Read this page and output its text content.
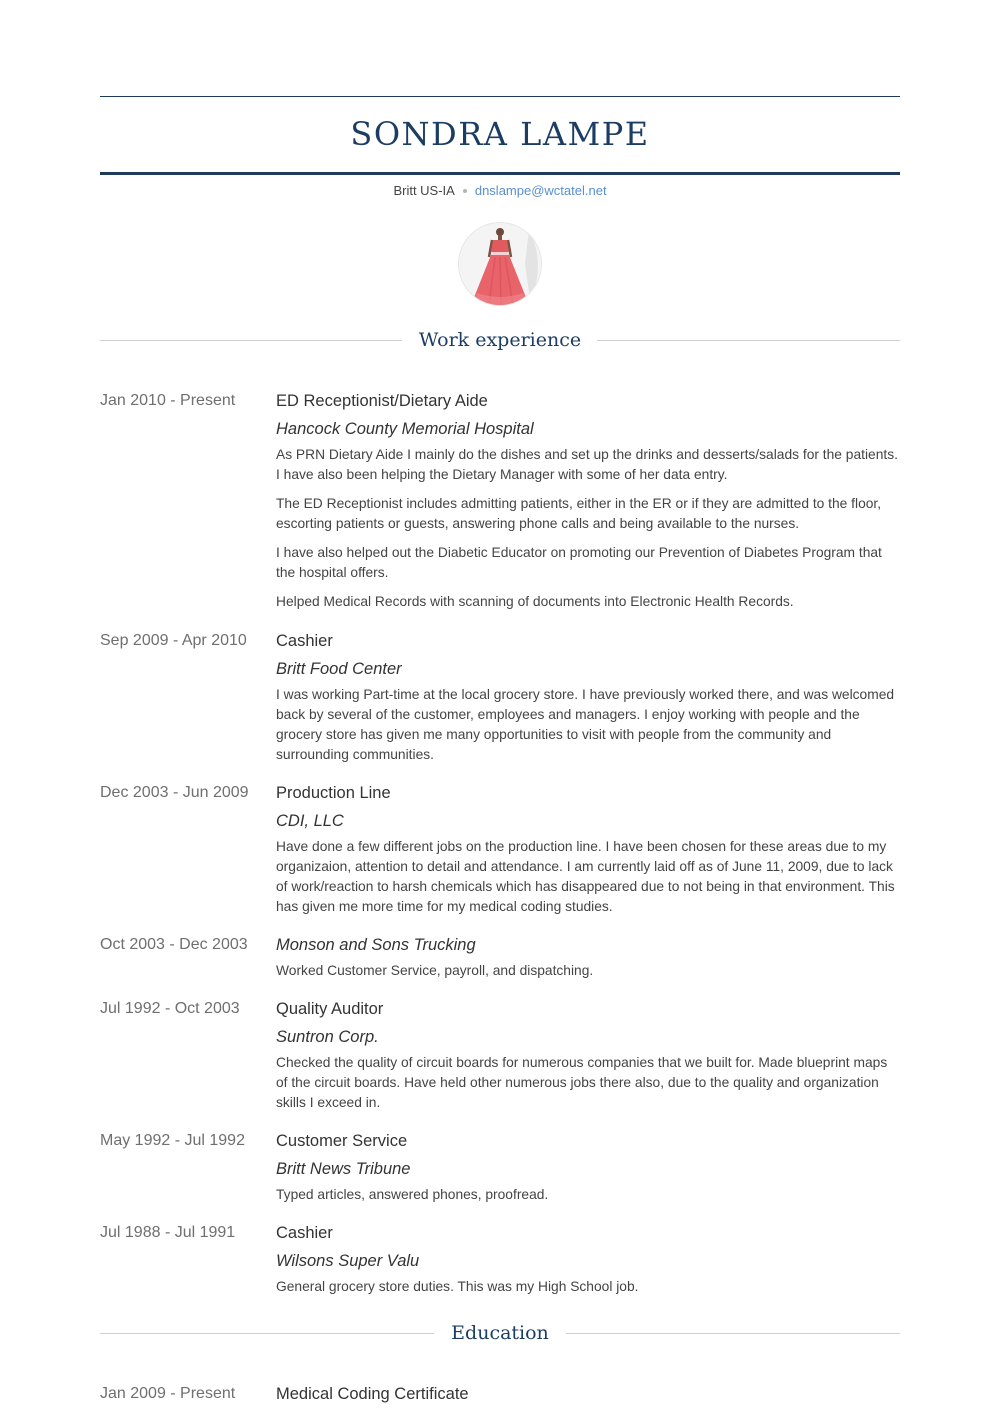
SONDRA LAMPE
Britt US-IA dnslampe@wctatel.net
Work experience
Jan 2010 - Present ED Receptionist/Dietary Aide
Hancock County Memorial Hospital

As PRN Dietary Aide I mainly do the dishes and set up the drinks and desserts/salads for the patients. I have also been helping the Dietary Manager with some of her data entry.

The ED Receptionist includes admitting patients, either in the ER or if they are admitted to the floor, escorting patients or guests, answering phone calls and being available to the nurses.

I have also helped out the Diabetic Educator on promoting our Prevention of Diabetes Program that the hospital offers.

Helped Medical Records with scanning of documents into Electronic Health Records.

Sep 2009 - Apr 2010 Cashier
Britt Food Center

I was working Part-time at the local grocery store. I have previously worked there, and was welcomed back by several of the customer, employees and managers. I enjoy working with people and the grocery store has given me many opportunities to visit with people from the community and surrounding communities.

Dec 2003 - Jun 2009 Production Line
CDI, LLC

Have done a few different jobs on the production line. I have been chosen for these areas due to my organizaion, attention to detail and attendance. I am currently laid off as of June 11, 2009, due to lack of work/reaction to harsh chemicals which has disappeared due to not being in that environment. This has given me more time for my medical coding studies.

Oct 2003 - Dec 2003 Monson and Sons Trucking

Worked Customer Service, payroll, and dispatching.

Jul 1992 - Oct 2003 Quality Auditor
Suntron Corp.

Checked the quality of circuit boards for numerous companies that we built for. Made blueprint maps of the circuit boards. Have held other numerous jobs there also, due to the quality and organization skills I exceed in.

May 1992 - Jul 1992 Customer Service
Britt News Tribune

Typed articles, answered phones, proofread.

Jul 1988 - Jul 1991 Cashier
Wilsons Super Valu

General grocery store duties. This was my High School job.

Education
Jan 2009 - Present Medical Coding Certificate
